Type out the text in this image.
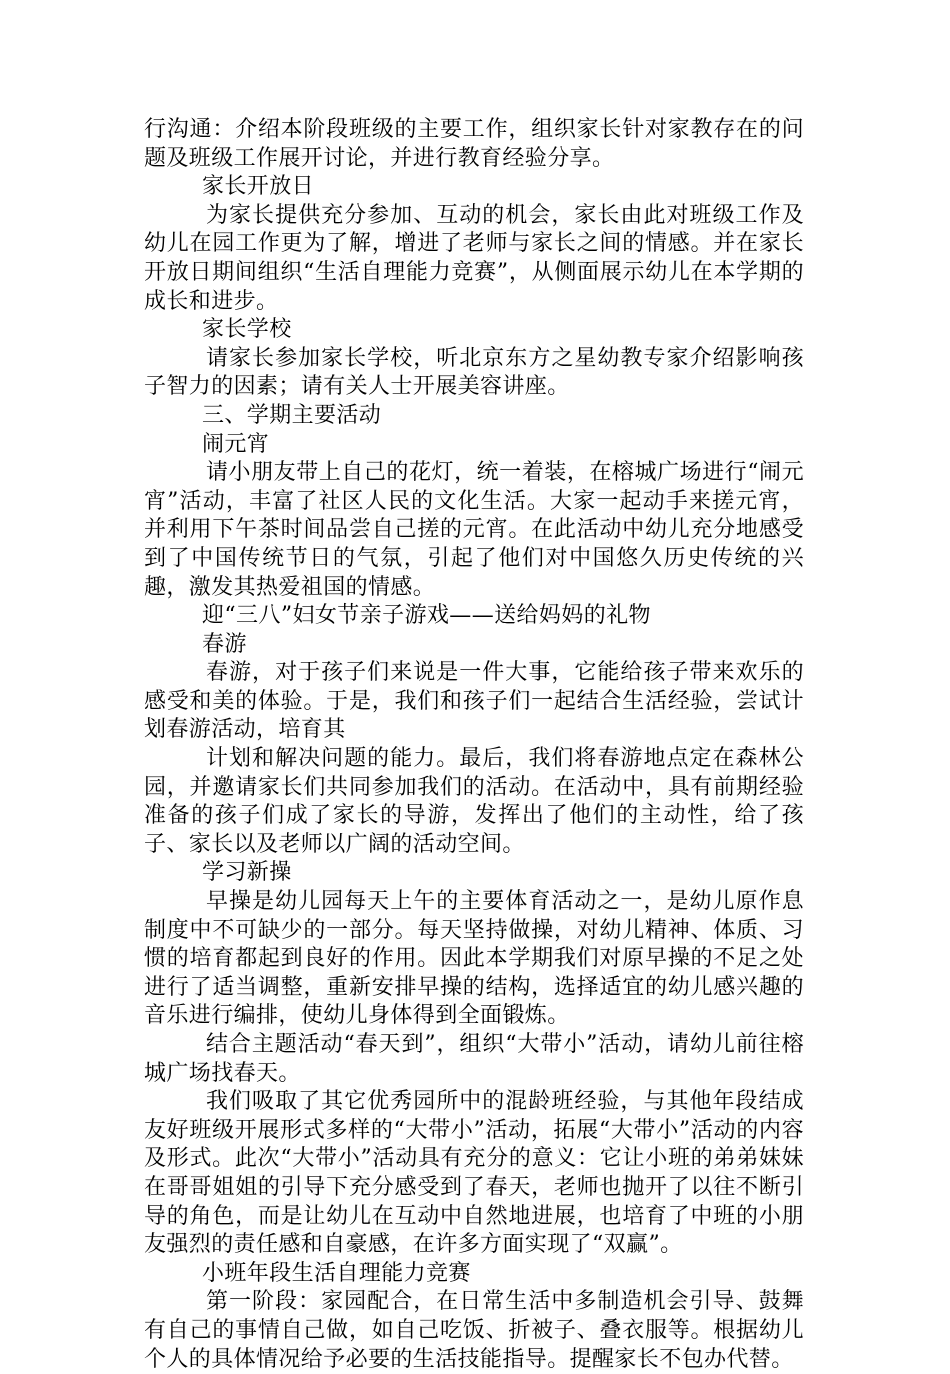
行沟通：介绍本阶段班级的主要工作，组织家长针对家教存在的问题及班级工作展开讨论，并进行教育经验分享。

家长开放日

为家长提供充分参加、互动的机会，家长由此对班级工作及幼儿在园工作更为了解，增进了老师与家长之间的情感。并在家长开放日期间组织“生活自理能力竞赛”，从侧面展示幼儿在本学期的成长和进步。

家长学校

请家长参加家长学校，听北京东方之星幼教专家介绍影响孩子智力的因素；请有关人士开展美容讲座。

三、学期主要活动

闹元宵

请小朋友带上自己的花灯，统一着装，在榕城广场进行“闹元宵”活动，丰富了社区人民的文化生活。大家一起动手来搓元宵，并利用下午茶时间品尝自己搓的元宵。在此活动中幼儿充分地感受到了中国传统节日的气氛，引起了他们对中国悠久历史传统的兴趣，激发其热爱祖国的情感。

迎“三八”妇女节亲子游戏——送给妈妈的礼物

春游

春游，对于孩子们来说是一件大事，它能给孩子带来欢乐的感受和美的体验。于是，我们和孩子们一起结合生活经验，尝试计划春游活动，培育其

计划和解决问题的能力。最后，我们将春游地点定在森林公园，并邀请家长们共同参加我们的活动。在活动中，具有前期经验准备的孩子们成了家长的导游，发挥出了他们的主动性，给了孩子、家长以及老师以广阔的活动空间。

学习新操

早操是幼儿园每天上午的主要体育活动之一，是幼儿原作息制度中不可缺少的一部分。每天坚持做操，对幼儿精神、体质、习惯的培育都起到良好的作用。因此本学期我们对原早操的不足之处进行了适当调整，重新安排早操的结构，选择适宜的幼儿感兴趣的音乐进行编排，使幼儿身体得到全面锻炼。

结合主题活动“春天到”，组织“大带小”活动，请幼儿前往榕城广场找春天。

我们吸取了其它优秀园所中的混龄班经验，与其他年段结成友好班级开展形式多样的“大带小”活动，拓展“大带小”活动的内容及形式。此次“大带小”活动具有充分的意义：它让小班的弟弟妹妹在哥哥姐姐的引导下充分感受到了春天，老师也抛开了以往不断引导的角色，而是让幼儿在互动中自然地进展，也培育了中班的小朋友强烈的责任感和自豪感，在许多方面实现了“双赢”。

小班年段生活自理能力竞赛

第一阶段：家园配合，在日常生活中多制造机会引导、鼓舞有自己的事情自己做，如自己吃饭、折被子、叠衣服等。根据幼儿个人的具体情况给予必要的生活技能指导。提醒家长不包办代替。
